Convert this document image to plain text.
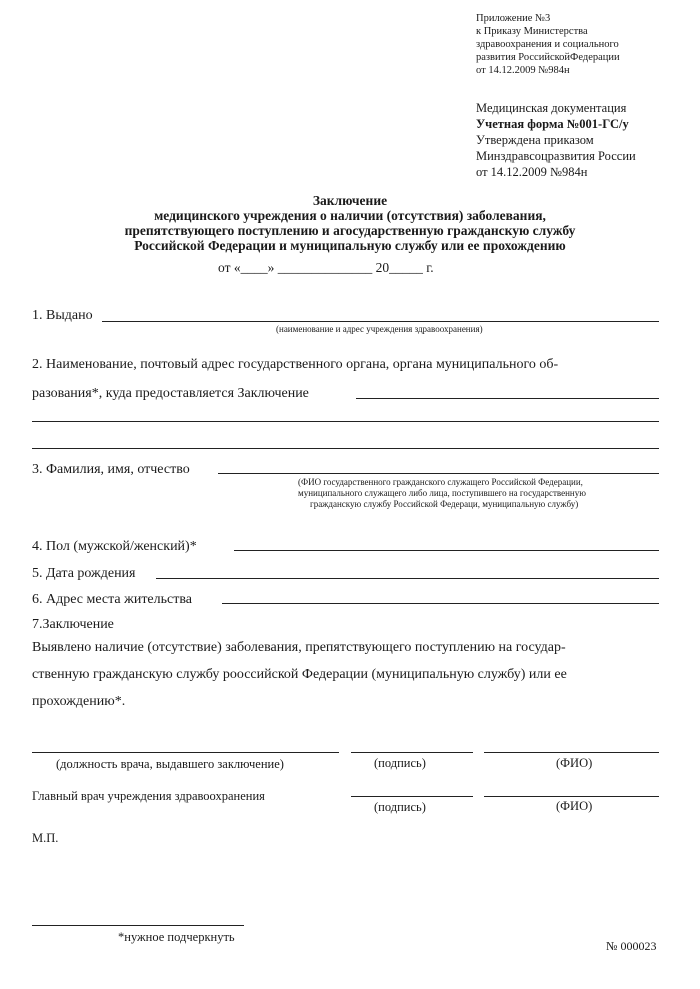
Приложение №3
к Приказу Министерства
здравоохранения и социального
развития РоссийскойФедерации
от 14.12.2009 №984н
Медицинская документация
Учетная форма №001-ГС/у
Утверждена приказом
Минздравсоцразвития России
от 14.12.2009 №984н
Заключение
медицинского учреждения о наличии (отсутствия) заболевания,
препятствующего поступлению и агосударственную гражданскую службу
Российской Федерации и муниципальную службу или ее прохождению
от «____» ______________ 20_____ г.
1. Выдано
(наименование и адрес учреждения здравоохранения)
2. Наименование, почтовый адрес государственного органа, органа муниципального об-
разования*, куда предоставляется Заключение
3. Фамилия, имя, отчество
(ФИО государственного гражданского служащего Российской Федерации,
муниципального служащего либо лица, поступившего на государственную
гражданскую службу Российской Федераци, муниципальную службу)
4. Пол (мужской/женский)*
5. Дата рождения
6. Адрес места жительства
7.Заключение
Выявлено наличие (отсутствие) заболевания, препятствующего поступлению на государ-
ственную гражданскую службу рооссийской Федерации (муниципальную службу) или ее
прохождению*.
(должность врача, выдавшего заключение)	(подпись)	(ФИО)
Главный врач учреждения здравоохранения
(подпись)	(ФИО)
М.П.
*нужное подчеркнуть
№ 000023
